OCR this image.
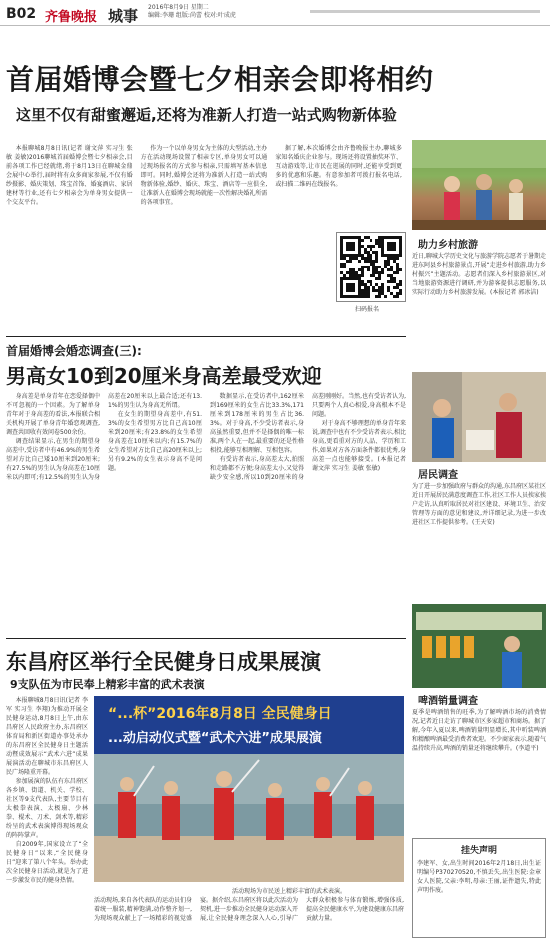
B02 齐鲁晚报 城事 2016年8月9日 星期二
编辑:李珊 组版:尚蕾 校对:叶成虎
首届婚博会暨七夕相亲会即将相约
这里不仅有甜蜜邂逅,还将为准新人打造一站式购物新体验

本报聊城8月8日讯(记者 谢文萍 实习生 张 敏 姜敏)2016聊城首届婚博会暨七夕相亲会,目前各项工作已经就绪,将于8月13日在聊城金鼎会展中心举行,届时将有众多商家参展,不仅有婚纱摄影、婚庆策划、珠宝首饰、婚宴酒店、家居建材等行业,还有七夕相亲会为单身男女提供一个交友平台。

作为一个以单身男女为主体的大型活动,主办方在活动现场设置了相亲专区,单身男女可以通过现场报名的方式参与相亲,只需填写基本信息即可。同时,婚博会还将为准新人打造一站式购物新体验,婚纱、婚庆、珠宝、酒店等一应俱全,让准新人在婚博会现场就能一次性解决婚礼所需的各项事宜。

据了解,本次婚博会由齐鲁晚报主办,聊城多家知名婚庆企业参与。现场还将设置抽奖环节、互动游戏等,让市民在逛展的同时,还能享受到更多的优惠和乐趣。有意参加者可拨打报名电话,或扫描二维码在线报名。

扫码报名
助力乡村旅游
近日,聊城大学历史文化与旅游学院志愿者于暑期走进东阿县乡村旅游景点,开展“走进乡村旅游,助力乡村振兴”主题活动。志愿者们深入乡村旅游景区,对当地旅游资源进行调研,并为游客提供志愿服务,以实际行动助力乡村旅游发展。(本报记者 郭冰洁)
首届婚博会婚恋调查(三):
男高女10到20厘米身高差最受欢迎

身高差是单身青年在恋爱择偶中不可忽视的一个因素。为了解单身青年对于身高差的看法,本报联合相关机构开展了单身青年婚恋观调查,调查共回收有效问卷500余份。

调查结果显示,在男生的期望身高差中,受访者中有46.9%的男生希望对方比自己矮10厘米到20厘米;有27.5%的男生认为身高差在10厘米以内即可;有12.5%的男生认为身高差在20厘米以上最合适;还有13.1%的男生认为身高无所谓。

在女生的期望身高差中,有51.3%的女生希望男方比自己高10厘米到20厘米;有23.8%的女生希望身高差在10厘米以内;有15.7%的女生希望对方比自己高20厘米以上;另有9.2%的女生表示身高不是问题。

数据显示,在受访者中,162厘米到169厘米的女生占比33.3%,171厘米到178厘米的男生占比36.3%。对于身高,不少受访者表示,身高虽然重要,但并不是择偶的唯一标准,两个人在一起,最重要的还是性格相投,能够互相理解、互相包容。

有受访者表示,身高差太大,拍照和走路都不方便;身高差太小,又觉得缺少安全感,所以10到20厘米的身高差刚刚好。当然,也有受访者认为,只要两个人真心相爱,身高根本不是问题。

对于身高不够理想的单身青年来说,调查中也有不少受访者表示,相比身高,更看重对方的人品、学历和工作,如果对方各方面条件都很优秀,身高差一点也能够接受。(本报记者 谢文萍 实习生 姜敏 张敏)

居民调查
为了进一步加强政府与群众的沟通,东昌府区某社区近日开展居民满意度调查工作,社区工作人员挨家挨户走访,认真听取居民对社区建设、环境卫生、治安管理等方面的意见和建议,并详细记录,为进一步改进社区工作提供参考。(王天安)
东昌府区举行全民健身日成果展演
9支队伍为市民奉上精彩丰富的武术表演

本报聊城8月8日讯(记者 李军 实习生 李翔)为推动开展全民健身运动,8月8日上午,由东昌府区人民政府主办,东昌府区体育局和新区街道办事处承办的东昌府区全民健身日主题活动暨成效展示“武术六进”成果展演活动在聊城市东昌府区人民广场隆重开幕。

参加展演的队伍有东昌府区各乡镇、街道、机关、学校、社区等9支代表队,主要节目有太极拳表演、太极扇、少林拳、棍术、刀术、剑术等,精彩纷呈的武术表演博得现场观众的阵阵掌声。

自2009年,国家设立了“全民健身日”以来,“全民健身日”迎来了第八个年头。举办此次全民健身日活动,就是为了进一步激发市民的健身热情。

“...杯”2016年8月8日 全民健身日
...动启动仪式暨“武术六进”成果展演
活动现场为市民送上精彩丰富的武术表演。
活动现场,来自各代表队的运动员们身着统一服装,精神饱满,动作整齐划一,为现场观众献上了一场精彩的视觉盛宴。据介绍,东昌府区将以此次活动为契机,进一步推动全民健身运动深入开展,让全民健身理念深入人心,引导广大群众积极参与体育锻炼,增强体质,提高全民健康水平,为建设健康东昌府贡献力量。
啤酒销量调查
夏季是啤酒销售的旺季,为了解啤酒市场的消费情况,记者近日走访了聊城市区多家超市和商场。据了解,今年入夏以来,啤酒销量明显增长,其中听装啤酒和精酿啤酒最受消费者欢迎。不少商家表示,随着气温持续升高,啤酒的销量还将继续攀升。(李道平)
挂失声明
李建军、女,出生时间2016年2月18日,出生证明编号P370270520,不慎丢失,出生医院:金章女人医院,父亲:李明,母亲:王丽,证件遗失,特此声明作废。
